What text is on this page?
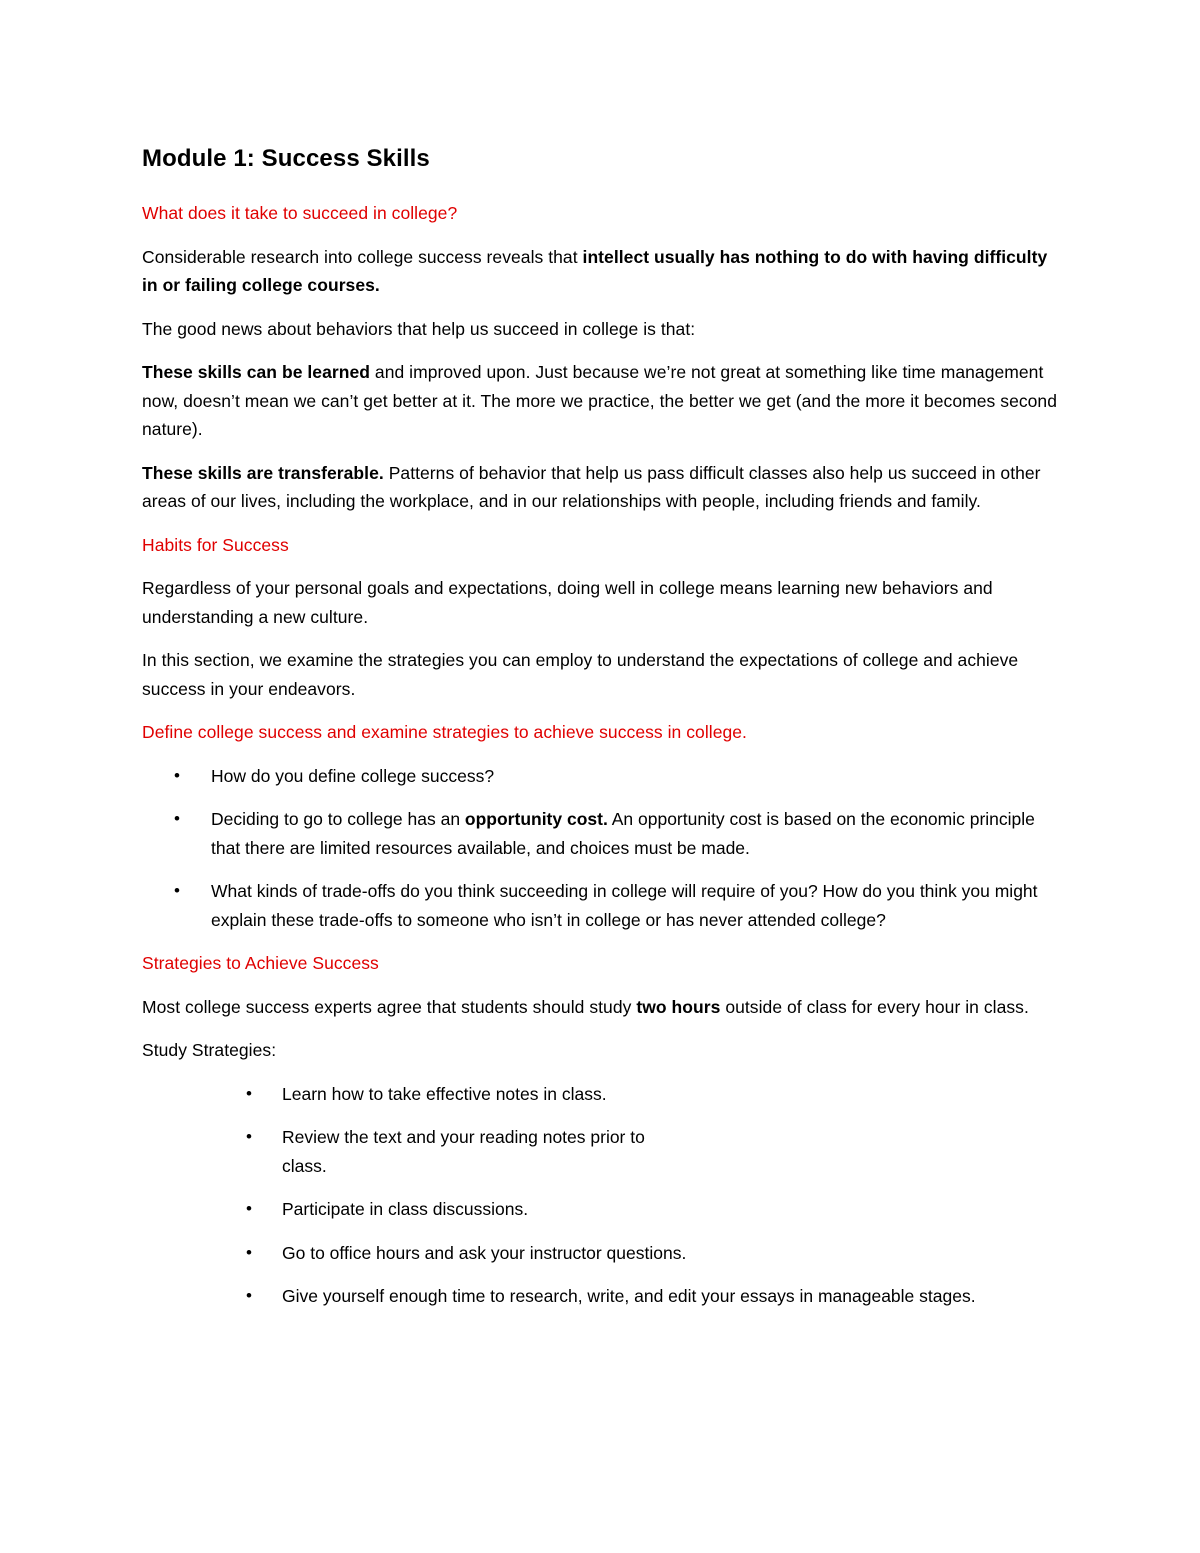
Module 1: Success Skills

What does it take to succeed in college?

Considerable research into college success reveals that intellect usually has nothing to do with having difficulty in or failing college courses.

The good news about behaviors that help us succeed in college is that:

These skills can be learned and improved upon. Just because we’re not great at something like time management now, doesn’t mean we can’t get better at it. The more we practice, the better we get (and the more it becomes second nature).

These skills are transferable. Patterns of behavior that help us pass difficult classes also help us succeed in other areas of our lives, including the workplace, and in our relationships with people, including friends and family.

Habits for Success

Regardless of your personal goals and expectations, doing well in college means learning new behaviors and understanding a new culture.

In this section, we examine the strategies you can employ to understand the expectations of college and achieve success in your endeavors.

Define college success and examine strategies to achieve success in college.

• How do you define college success?
• Deciding to go to college has an opportunity cost. An opportunity cost is based on the economic principle that there are limited resources available, and choices must be made.
• What kinds of trade-offs do you think succeeding in college will require of you? How do you think you might explain these trade-offs to someone who isn’t in college or has never attended college?

Strategies to Achieve Success

Most college success experts agree that students should study two hours outside of class for every hour in class.

Study Strategies:

• Learn how to take effective notes in class.
• Review the text and your reading notes prior to class.
• Participate in class discussions.
• Go to office hours and ask your instructor questions.
• Give yourself enough time to research, write, and edit your essays in manageable stages.
